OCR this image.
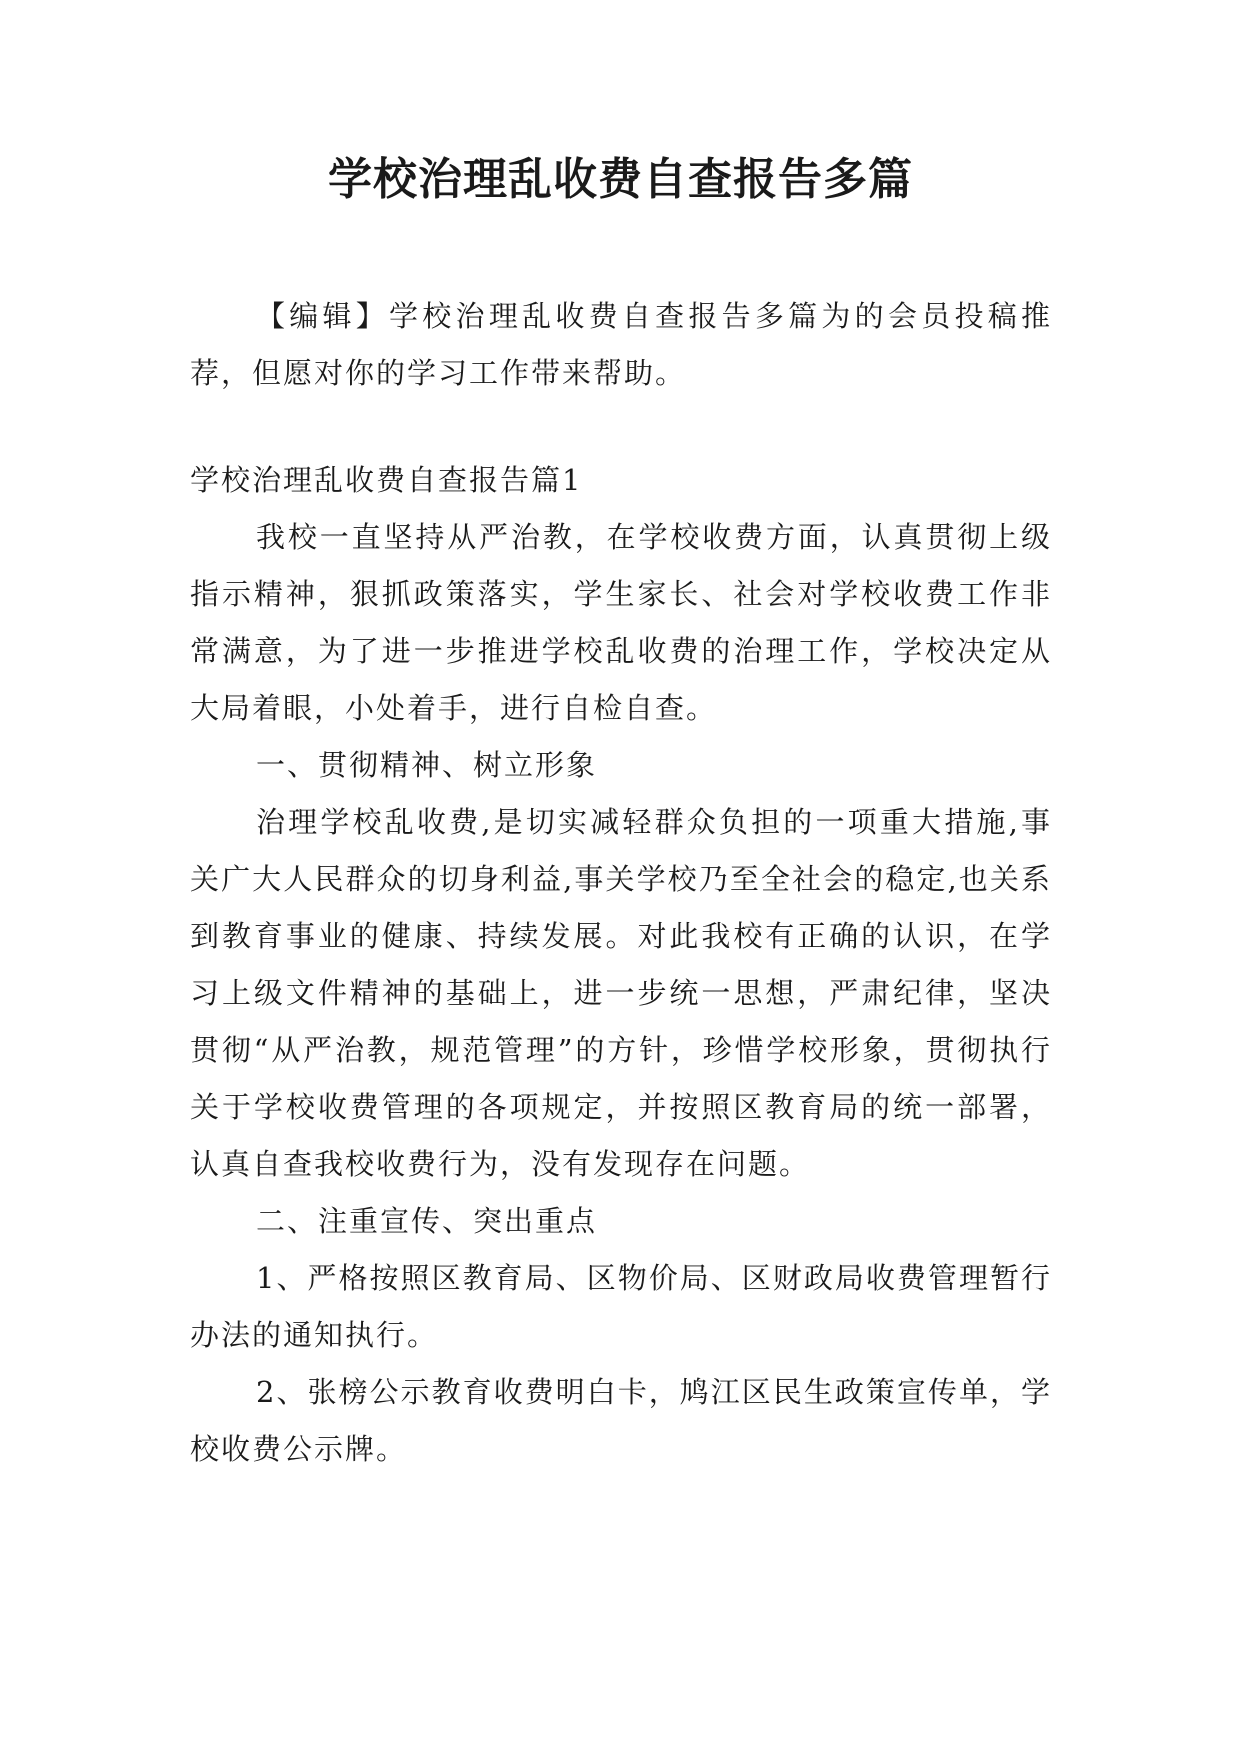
学校治理乱收费自查报告多篇

【编辑】学校治理乱收费自查报告多篇为的会员投稿推荐，但愿对你的学习工作带来帮助。

学校治理乱收费自查报告篇1

我校一直坚持从严治教，在学校收费方面，认真贯彻上级指示精神，狠抓政策落实，学生家长、社会对学校收费工作非常满意，为了进一步推进学校乱收费的治理工作，学校决定从大局着眼，小处着手，进行自检自查。

一、贯彻精神、树立形象

治理学校乱收费,是切实减轻群众负担的一项重大措施,事关广大人民群众的切身利益,事关学校乃至全社会的稳定,也关系到教育事业的健康、持续发展。对此我校有正确的认识，在学习上级文件精神的基础上，进一步统一思想，严肃纪律，坚决贯彻“从严治教，规范管理”的方针，珍惜学校形象，贯彻执行关于学校收费管理的各项规定，并按照区教育局的统一部署，认真自查我校收费行为，没有发现存在问题。

二、注重宣传、突出重点

1、严格按照区教育局、区物价局、区财政局收费管理暂行办法的通知执行。

2、张榜公示教育收费明白卡，鸠江区民生政策宣传单，学校收费公示牌。
